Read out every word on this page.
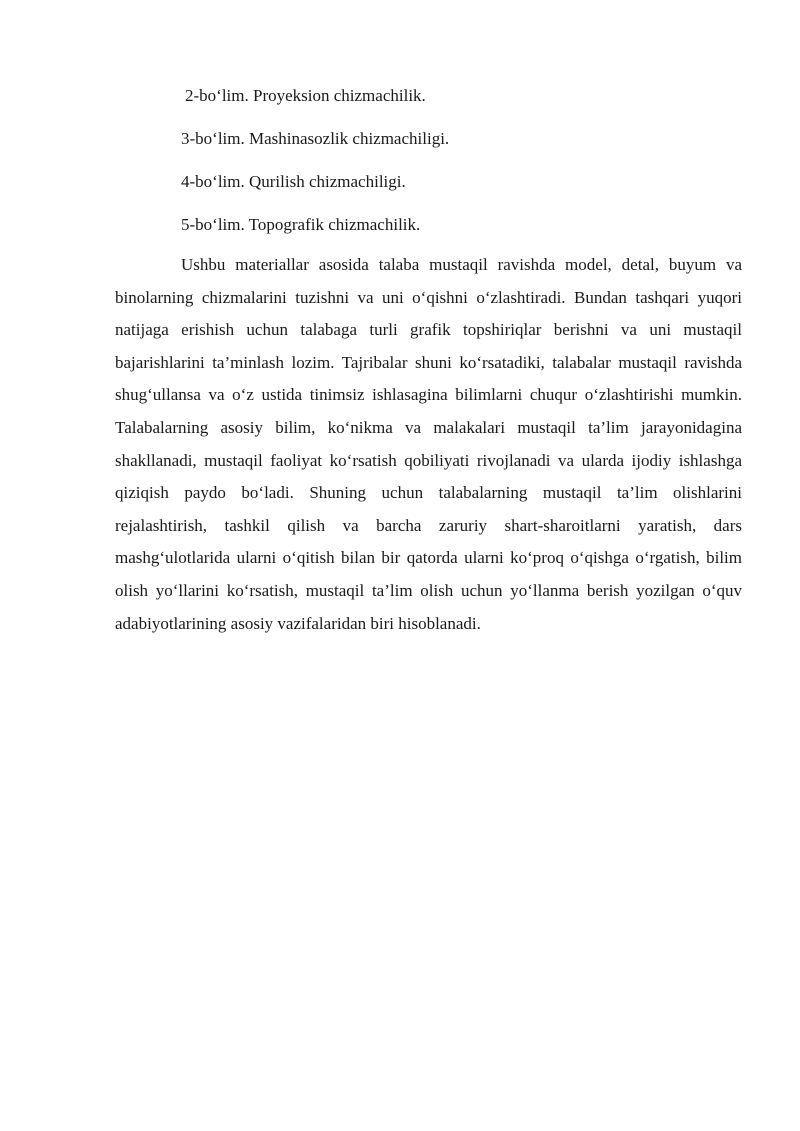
2-bo‘lim. Proyeksion chizmachilik.
3-bo‘lim. Mashinasozlik chizmachiligi.
4-bo‘lim. Qurilish chizmachiligi.
5-bo‘lim. Topografik chizmachilik.

Ushbu materiallar asosida talaba mustaqil ravishda model, detal, buyum va binolarning chizmalarini tuzishni va uni o‘qishni o‘zlashtiradi. Bundan tashqari yuqori natijaga erishish uchun talabaga turli grafik topshiriqlar berishni va uni mustaqil bajarishlarini ta’minlash lozim. Tajribalar shuni ko‘rsatadiki, talabalar mustaqil ravishda shug‘ullansa va o‘z ustida tinimsiz ishlasagina bilimlarni chuqur o‘zlashtirishi mumkin. Talabalarning asosiy bilim, ko‘nikma va malakalari mustaqil ta’lim jarayonidagina shakllanadi, mustaqil faoliyat ko‘rsatish qobiliyati rivojlanadi va ularda ijodiy ishlashga qiziqish paydo bo‘ladi. Shuning uchun talabalarning mustaqil ta’lim olishlarini rejalashtirish, tashkil qilish va barcha zaruriy shart-sharoitlarni yaratish, dars mashg‘ulotlarida ularni o‘qitish bilan bir qatorda ularni ko‘proq o‘qishga o‘rgatish, bilim olish yo‘llarini ko‘rsatish, mustaqil ta’lim olish uchun yo‘llanma berish yozilgan o‘quv adabiyotlarining asosiy vazifalaridan biri hisoblanadi.
